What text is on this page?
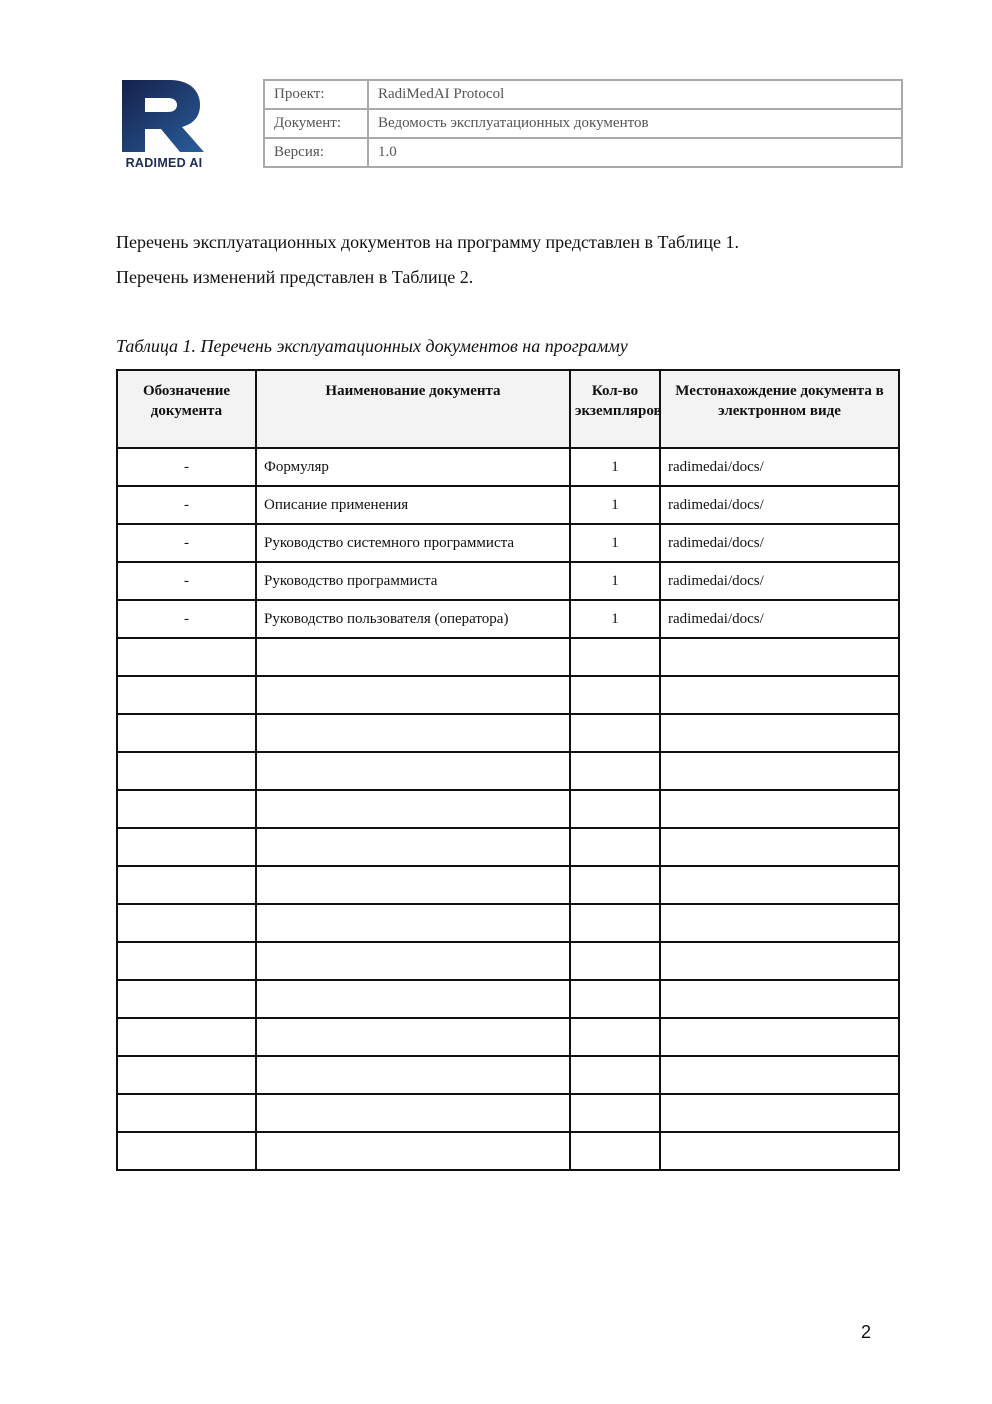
RADIMED AI
Проект:	RadiMedAI Protocol
Документ:	Ведомость эксплуатационных документов
Версия:	1.0
Перечень эксплуатационных документов на программу представлен в Таблице 1.
Перечень изменений представлен в Таблице 2.
Таблица 1. Перечень эксплуатационных документов на программу
Обозначение документа	Наименование документа	Кол-во экземпляров	Местонахождение документа в электронном виде
-	Формуляр	1	radimedai/docs/
-	Описание применения	1	radimedai/docs/
-	Руководство системного программиста	1	radimedai/docs/
-	Руководство программиста	1	radimedai/docs/
-	Руководство пользователя (оператора)	1	radimedai/docs/

2
